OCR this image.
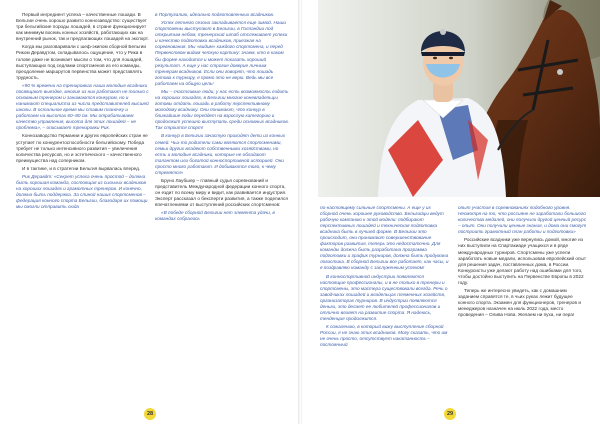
Первый ингредиент успеха – качественные лошади. В Бельгии очень хорошо развито коннозаводство: существует три бельгийские породы лошадей, в стране функционирует как минимум восемь конных хозяйств, работающих как на внутренний рынок, так и предлагающих лошадей на экспорт.

Когда мы разговаривали с шеф-экипом сборной Бельгии Риком Деравдтом, складывалось ощущение, что у Рика в голове даже не возникает мысли о том, что для лошадей, выступающих под седлами спортсменов из его команды, преодоление маршрутов первенства может представлять трудность.

«90 % времени на тренировках наши молодые всадники посвящают выездке, многие из них работают не только с основным тренером и занимаются конкуром, но и нанимают специалиста из числа представителей высшей школы. В остальное время мы ставим планочку и работаем на высотах 60–80 см. Мы отрабатываем качество управления, высота для этих лошадей – не проблема», – описывает тренировки Рик.

Коннозаводство Германии и других европейских стран не уступает по конкурентоспособности бельгийскому. Победа требует не только интенсивного развития – увеличения количества ресурсов, но и эстетического – качественного преимущества над соперником.

И в тактике, и в стратегии Бельгия вырвалась вперед.

Рик Деравдт: «Секрет успеха очень простой – должна быть хорошая команда, состоящая из сильных всадников на хороших лошадях и грамотных тренеров. И конечно, должна быть поддержка. За спиной наших спортсменов – федерация конного спорта Бельгии, благодаря их помощи мы смогли отправить сюда

в Португалию, идеально подготовленных всадников.

Успех летнего сезона закладывается еще зимой. Наши спортсмены выступают в Бельгии, в Голландии под открытым небом, тренерский штаб отслеживает успехи и качество подготовки всадников, приезжая на соревнования. Мы «видим» каждого спортсмена, и перед Первенством видим четкую картину: знаем, кто в каком бы форме находится и может показать хороший результат. А еще у нас строгие доверие личным тренерам всадников. Если они говорят, что лошадь готова к турниру, я прямо это не верю. Ведь мы все работаем на общую цель!

Мы – счастливые люди, у нас есть возможность ездить на хороших лошадях, в Бельгии многие коневладельцы готовы отдать лошадь в работу перспективному молодому всаднику. Они понимают, что конкур в ближайшие годы перейдет на взрослую категорию и продолжит успешно выступать среди основных всадников. Так строится спорт!

В конкур в Бельгии зачастую приходят дети из конных семей. Чьи-то родители сами являются спортсменами, семьи других владеют собственными хозяйствами, но есть и молодые всадники, которые не обладают талантом или богатой конноспортивной историей. Они просто много работают. И добиваются того, к чему стремятся»

Бруно Лаубшер – главный судья соревнований и представитель Международной федерации конного спорта, он ездит по всему миру и видит, как развивается индустрия. Эксперт рассказал о бексперти развития, а также поделился впечатлениями от выступлений российских спортсменов:

«В победе сборной Бельгии нет элемента удачи, в командах собрались

28

по-настоящему сильные спортсмены. А еще у их сборной очень хорошее руководство. Бельгийцы ведут рабочую кампанию к этой модели: подбирают перспективных лошадей и техническая подготовка всадника быть в лучшей форме. В Бельгии это происходит, они принимают совершенствование факторов развития, теперь это недостаточно. Для команды должна быть разработана программа подготовки и график турниров, должна быть продумана логистика. В сборной Бельгии все работает, как часы, и я поздравляю команду с заслуженным успехом!

В конноспортивной индустрии появляются настоящие профессионалы, и в не только в тренеры и спортсмены, это мастера существовали всегда. Речь о заводчиках лошадей и владельцах племенных хозяйств, организаторах турниров. В индустрии появляются деньги, это делает ее любителей профессионалов и отлично влияет на развитие спорта. Я надеюсь, тенденция продолжится.

К сожалению, в который вижу выступление сборной России, я не знаю этих всадников. Могу сказать, что им не очень просто, отсутствует накатанность – постоянный

опыт участия в соревнованиях подобного уровня. Несмотря на то, что россияне не заработали большого количества медалей, они получили другой ценный ресурс – опыт. Они получили ценные знания, и дома они смогут построить грамотный план работы и подготовки»

Российские всадники уже вернулись домой, многие из них выступили на Спартакиаде учащихся и в ряде международных турниров. Спортсмены уже успели заработать новые медали, использовав европейский опыт для решения задач, поставленных дома, в России. Конкурсисты уже делают работу над ошибками для того, чтобы достойно выступить на Первенстве Европы в 2022 году.

Теперь же интересно увидеть, как с домашним заданием справятся те, в чьих руках лежит будущее конного спорта. Экзамен для функционеров, тренеров и менеджеров назначен на июль 2022 года, место проведения – Олива Нова. Желаем ни пуха, ни пера!

29
